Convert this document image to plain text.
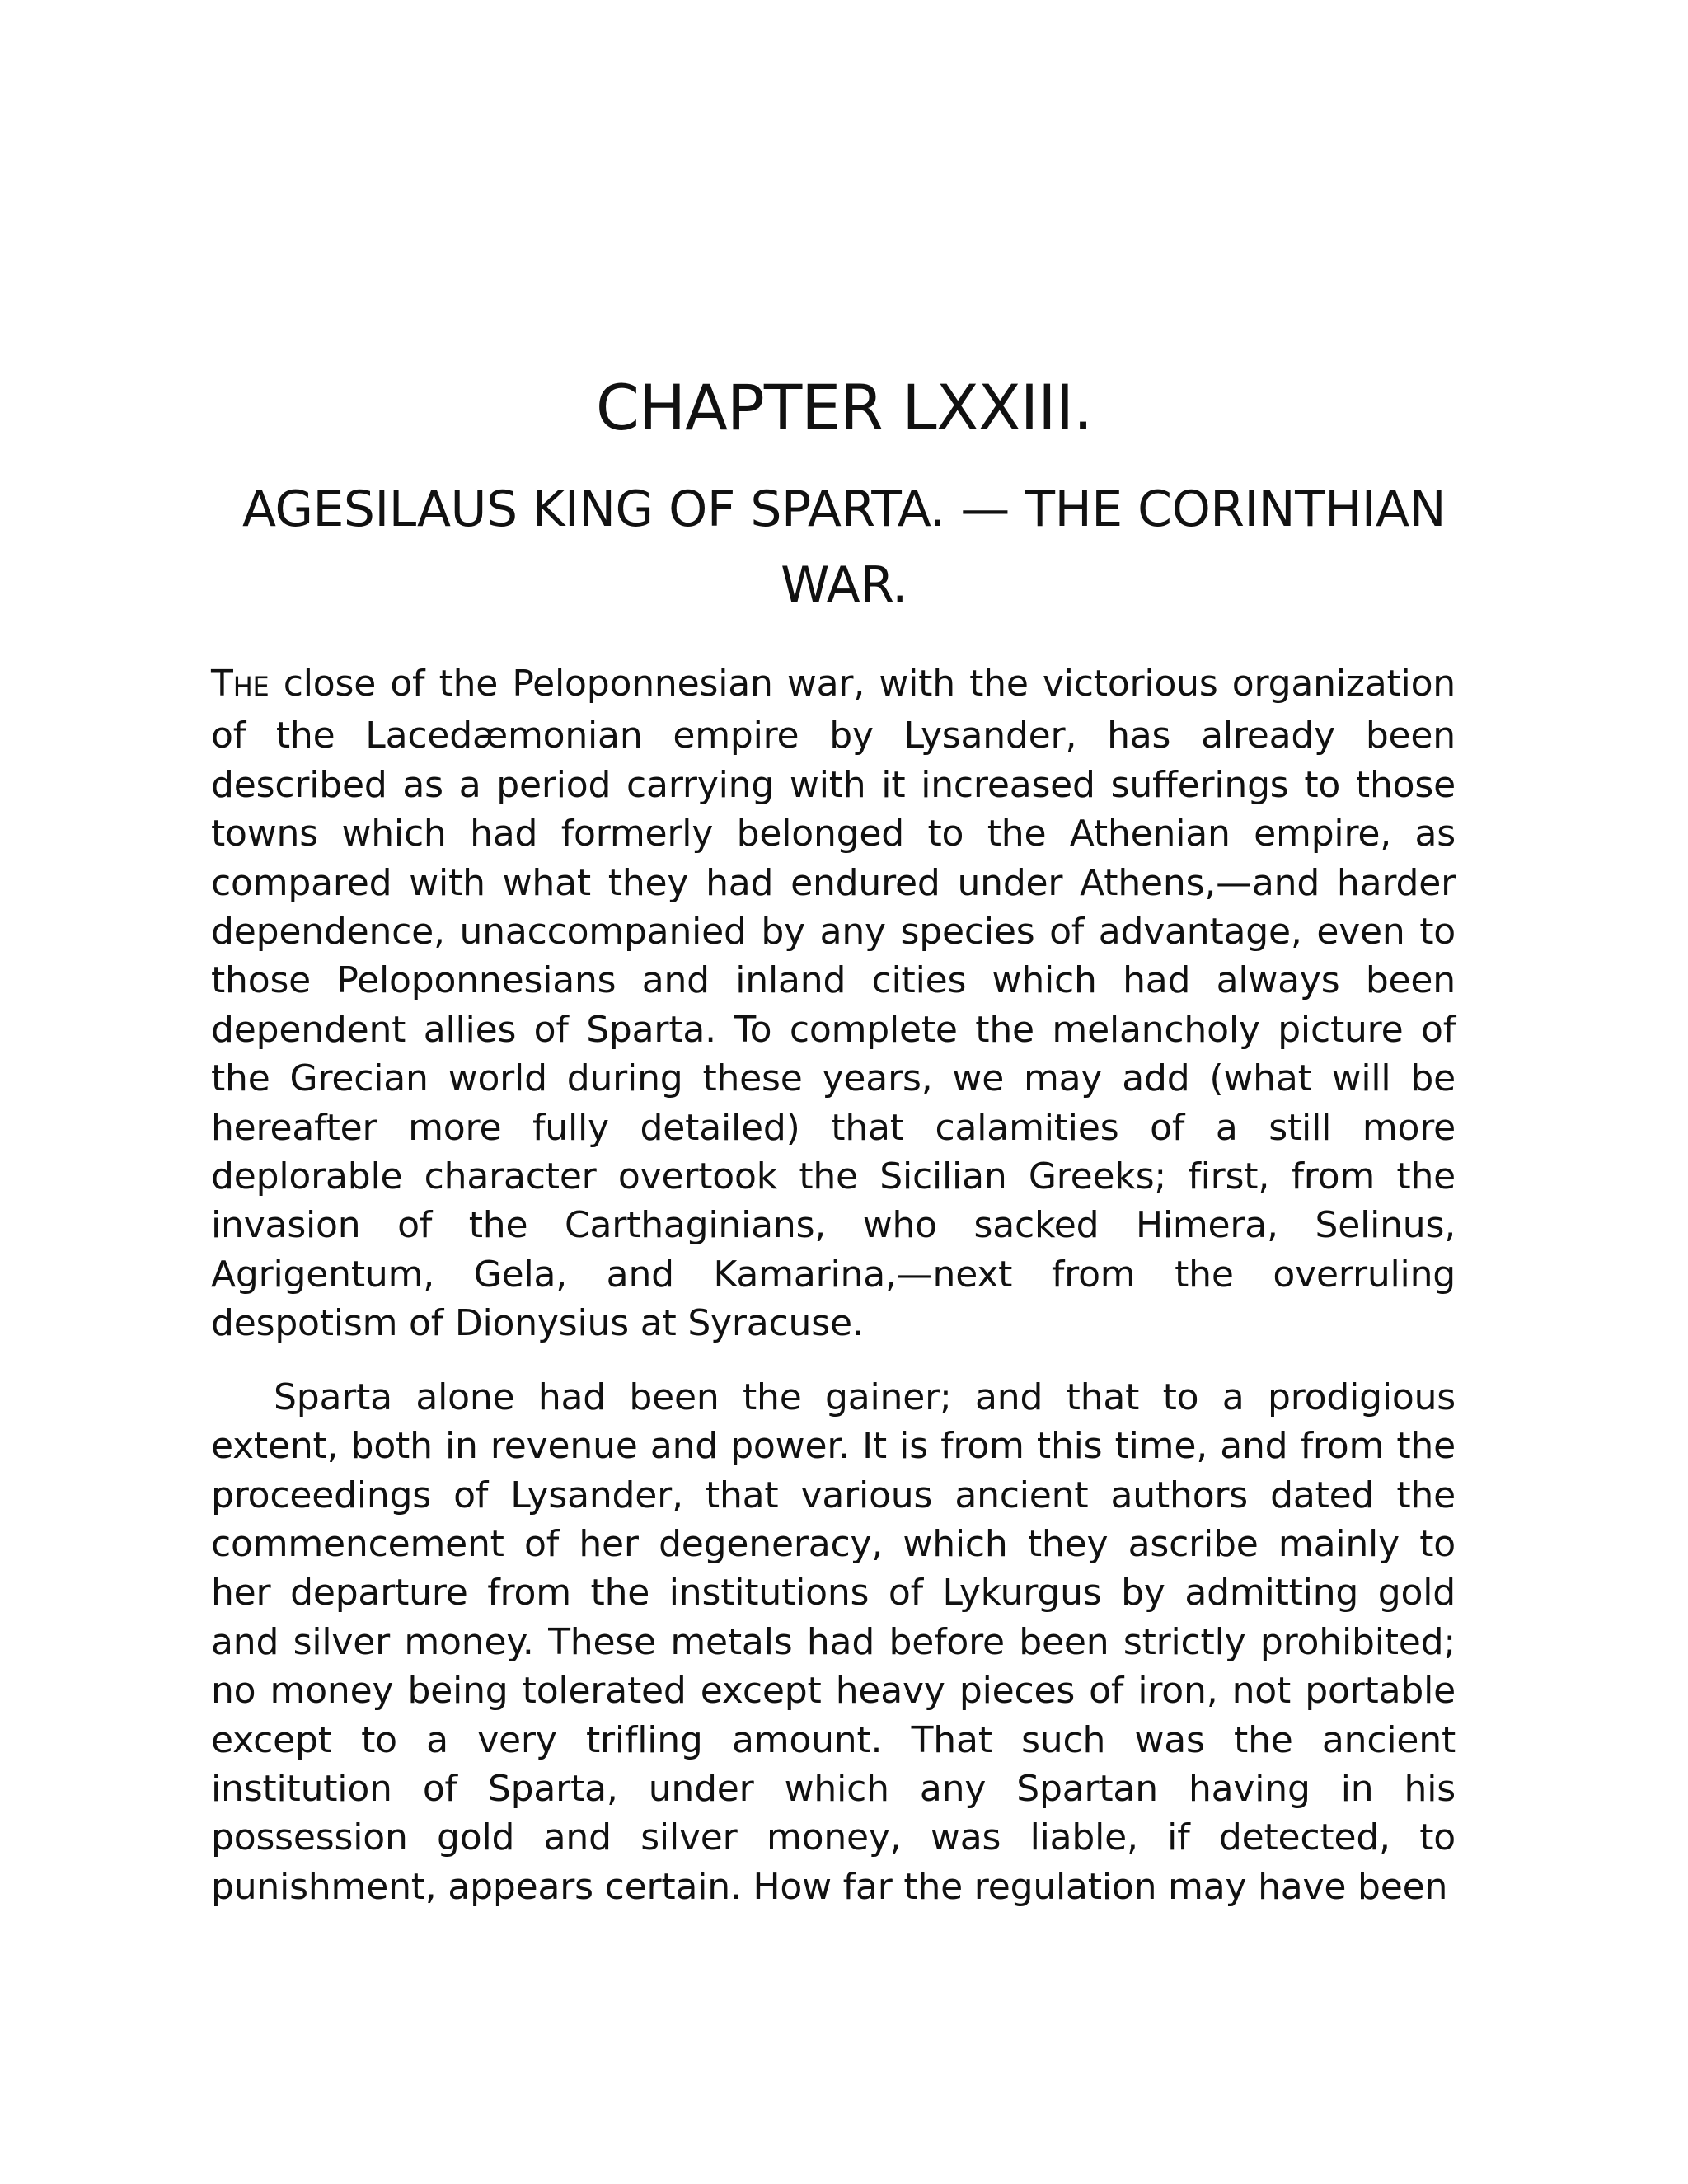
CHAPTER LXXIII.
AGESILAUS KING OF SPARTA. — THE CORINTHIAN WAR.

THE close of the Peloponnesian war, with the victorious organization of the Lacedæmonian empire by Lysander, has already been described as a period carrying with it increased sufferings to those towns which had formerly belonged to the Athenian empire, as compared with what they had endured under Athens,—and harder dependence, unaccompanied by any species of advantage, even to those Peloponnesians and inland cities which had always been dependent allies of Sparta. To complete the melancholy picture of the Grecian world during these years, we may add (what will be hereafter more fully detailed) that calamities of a still more deplorable character overtook the Sicilian Greeks; first, from the invasion of the Carthaginians, who sacked Himera, Selinus, Agrigentum, Gela, and Kamarina,—next from the overruling despotism of Dionysius at Syracuse.

Sparta alone had been the gainer; and that to a prodigious extent, both in revenue and power. It is from this time, and from the proceedings of Lysander, that various ancient authors dated the commencement of her degeneracy, which they ascribe mainly to her departure from the institutions of Lykurgus by admitting gold and silver money. These metals had before been strictly prohibited; no money being tolerated except heavy pieces of iron, not portable except to a very trifling amount. That such was the ancient institution of Sparta, under which any Spartan having in his possession gold and silver money, was liable, if detected, to punishment, appears certain. How far the regulation may have been
